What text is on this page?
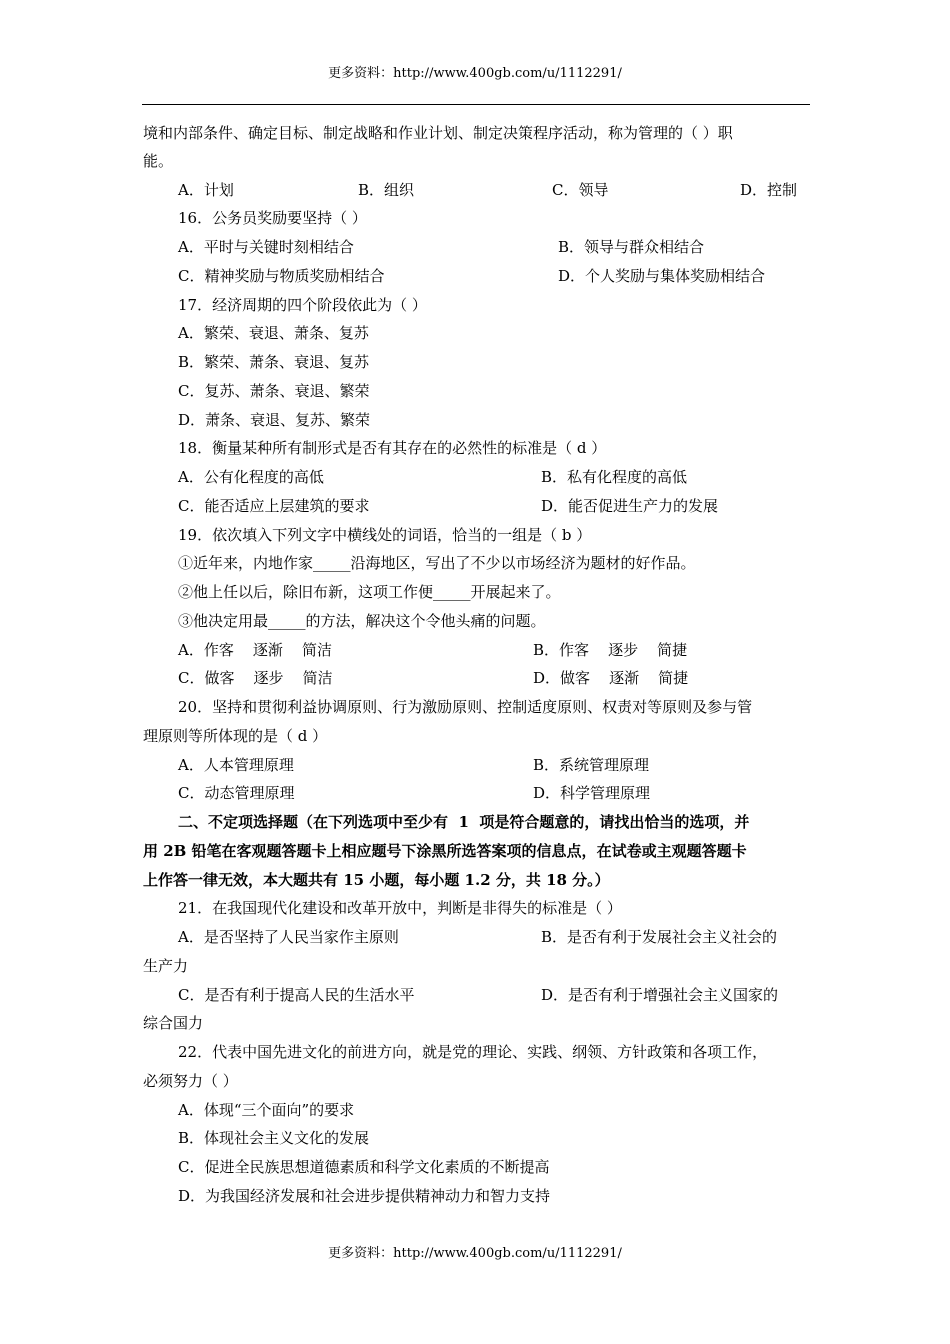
更多资料：http://www.400gb.com/u/1112291/
境和内部条件、确定目标、制定战略和作业计划、制定决策程序活动，称为管理的（ ）职
能。
A．计划	B．组织	C．领导	D．控制
16．公务员奖励要坚持（ ）
A．平时与关键时刻相结合	B．领导与群众相结合
C．精神奖励与物质奖励相结合	D．个人奖励与集体奖励相结合
17．经济周期的四个阶段依此为（ ）
A．繁荣、衰退、萧条、复苏
B．繁荣、萧条、衰退、复苏
C．复苏、萧条、衰退、繁荣
D．萧条、衰退、复苏、繁荣
18．衡量某种所有制形式是否有其存在的必然性的标准是（ d ）
A．公有化程度的高低	B．私有化程度的高低
C．能否适应上层建筑的要求	D．能否促进生产力的发展
19．依次填入下列文字中横线处的词语，恰当的一组是（ b ）
①近年来，内地作家_____沿海地区，写出了不少以市场经济为题材的好作品。
②他上任以后，除旧布新，这项工作便_____开展起来了。
③他决定用最_____的方法，解决这个令他头痛的问题。
A．作客    逐渐    简洁	B．作客    逐步    简捷
C．做客    逐步    简洁	D．做客    逐渐    简捷
20．坚持和贯彻利益协调原则、行为激励原则、控制适度原则、权责对等原则及参与管
理原则等所体现的是（ d ）
A．人本管理原理	B．系统管理原理
C．动态管理原理	D．科学管理原理
二、不定项选择题（在下列选项中至少有  1  项是符合题意的，请找出恰当的选项，并
用 2B 铅笔在客观题答题卡上相应题号下涂黑所选答案项的信息点，在试卷或主观题答题卡
上作答一律无效，本大题共有 15 小题，每小题 1.2 分，共 18 分。）
21．在我国现代化建设和改革开放中，判断是非得失的标准是（ ）
A．是否坚持了人民当家作主原则	B．是否有利于发展社会主义社会的
生产力
C．是否有利于提高人民的生活水平	D．是否有利于增强社会主义国家的
综合国力
22．代表中国先进文化的前进方向，就是党的理论、实践、纲领、方针政策和各项工作，
必须努力（ ）
A．体现“三个面向”的要求
B．体现社会主义文化的发展
C．促进全民族思想道德素质和科学文化素质的不断提高
D．为我国经济发展和社会进步提供精神动力和智力支持
更多资料：http://www.400gb.com/u/1112291/
